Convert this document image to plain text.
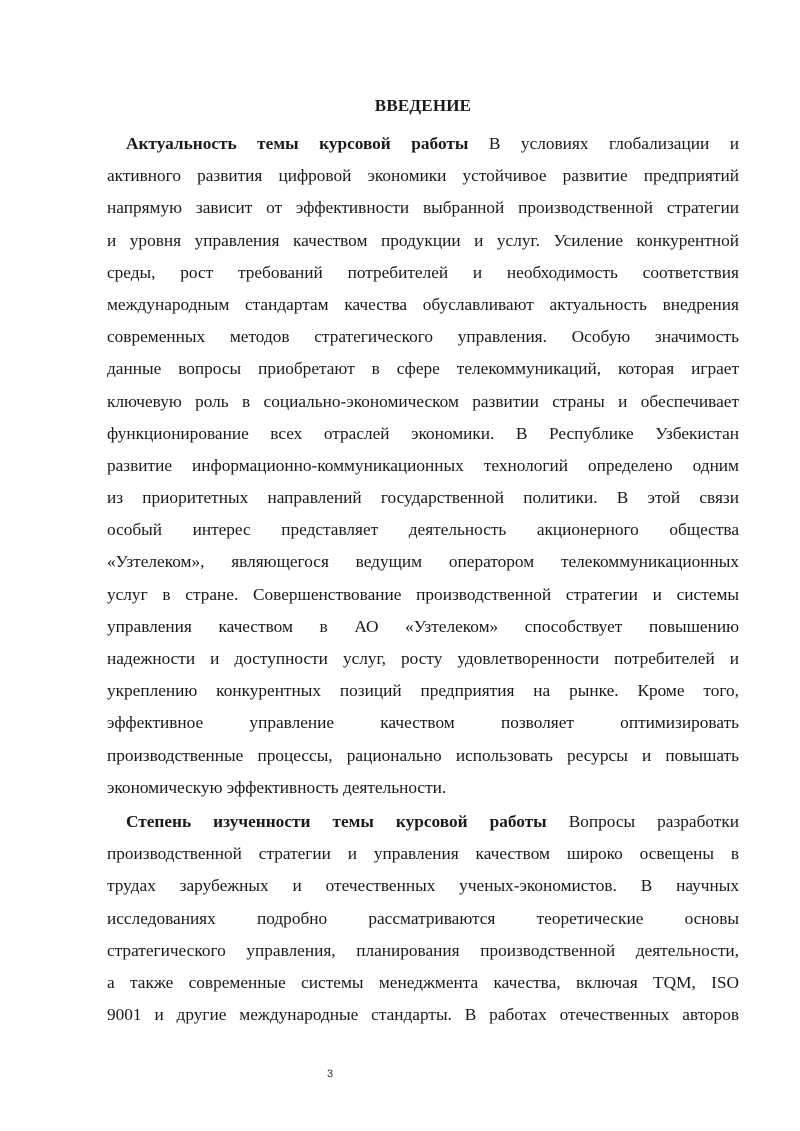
ВВЕДЕНИЕ
Актуальность темы курсовой работы В условиях глобализации и
активного развития цифровой экономики устойчивое развитие предприятий
напрямую зависит от эффективности выбранной производственной стратегии
и уровня управления качеством продукции и услуг. Усиление конкурентной
среды, рост требований потребителей и необходимость соответствия
международным стандартам качества обуславливают актуальность внедрения
современных методов стратегического управления. Особую значимость
данные вопросы приобретают в сфере телекоммуникаций, которая играет
ключевую роль в социально-экономическом развитии страны и обеспечивает
функционирование всех отраслей экономики. В Республике Узбекистан
развитие информационно-коммуникационных технологий определено одним
из приоритетных направлений государственной политики. В этой связи
особый интерес представляет деятельность акционерного общества
«Узтелеком», являющегося ведущим оператором телекоммуникационных
услуг в стране. Совершенствование производственной стратегии и системы
управления качеством в АО «Узтелеком» способствует повышению
надежности и доступности услуг, росту удовлетворенности потребителей и
укреплению конкурентных позиций предприятия на рынке. Кроме того,
эффективное управление качеством позволяет оптимизировать
производственные процессы, рационально использовать ресурсы и повышать
экономическую эффективность деятельности.
Степень изученности темы курсовой работы Вопросы разработки
производственной стратегии и управления качеством широко освещены в
трудах зарубежных и отечественных ученых-экономистов. В научных
исследованиях подробно рассматриваются теоретические основы
стратегического управления, планирования производственной деятельности,
а также современные системы менеджмента качества, включая TQM, ISO
9001 и другие международные стандарты. В работах отечественных авторов
3
